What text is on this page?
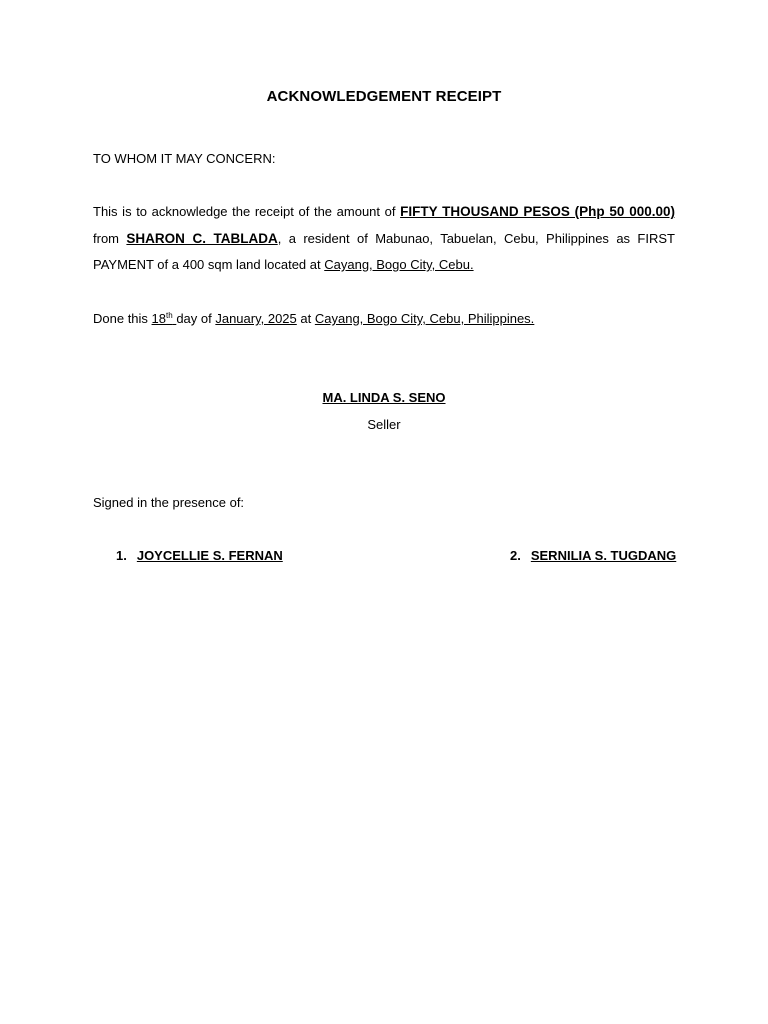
ACKNOWLEDGEMENT RECEIPT
TO WHOM IT MAY CONCERN:
This is to acknowledge the receipt of the amount of FIFTY THOUSAND PESOS (Php 50 000.00) from SHARON C. TABLADA, a resident of Mabunao, Tabuelan, Cebu, Philippines as FIRST PAYMENT of a 400 sqm land located at Cayang, Bogo City, Cebu.
Done this 18th day of January, 2025 at Cayang, Bogo City, Cebu, Philippines.
MA. LINDA S. SENO
Seller
Signed in the presence of:
1. JOYCELLIE S. FERNAN	2. SERNILIA S. TUGDANG
